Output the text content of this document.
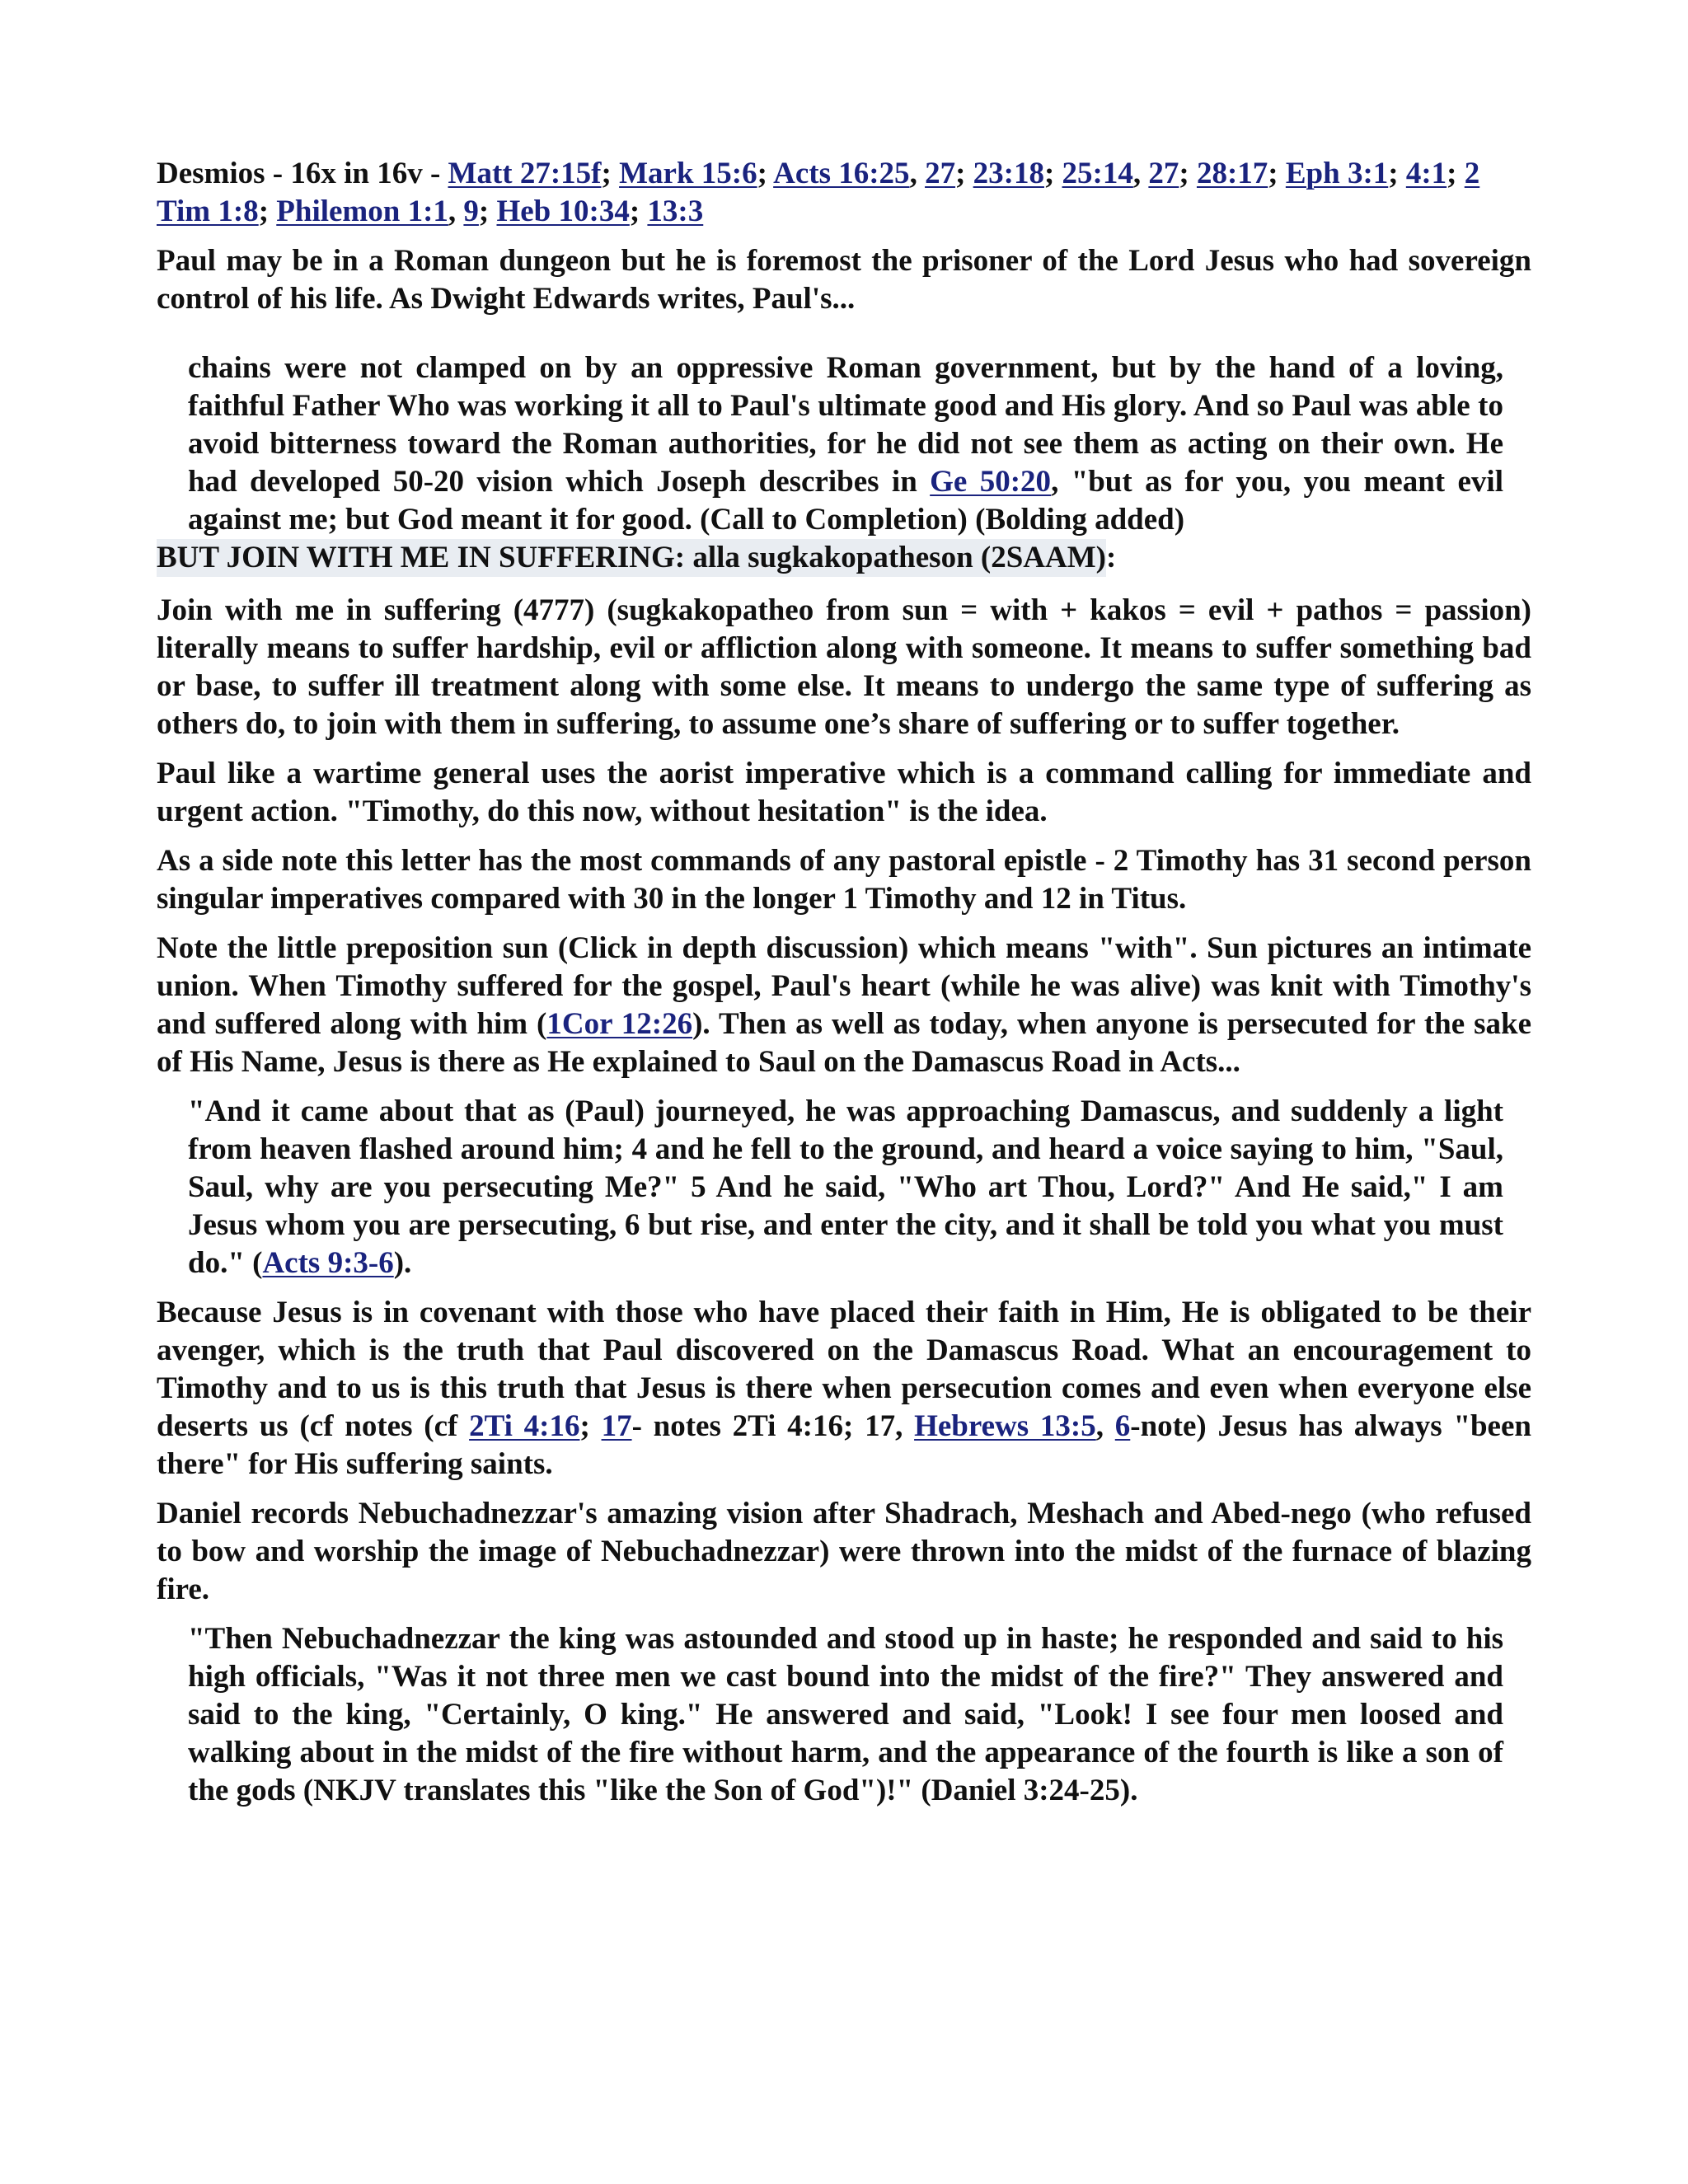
Desmios - 16x in 16v - Matt 27:15f; Mark 15:6; Acts 16:25, 27; 23:18; 25:14, 27; 28:17; Eph 3:1; 4:1; 2 Tim 1:8; Philemon 1:1, 9; Heb 10:34; 13:3

Paul may be in a Roman dungeon but he is foremost the prisoner of the Lord Jesus who had sovereign control of his life. As Dwight Edwards writes, Paul's...

chains were not clamped on by an oppressive Roman government, but by the hand of a loving, faithful Father Who was working it all to Paul's ultimate good and His glory. And so Paul was able to avoid bitterness toward the Roman authorities, for he did not see them as acting on their own. He had developed 50-20 vision which Joseph describes in Ge 50:20, "but as for you, you meant evil against me; but God meant it for good. (Call to Completion) (Bolding added)
BUT JOIN WITH ME IN SUFFERING: alla sugkakopatheson (2SAAM):

Join with me in suffering (4777) (sugkakopatheo from sun = with + kakos = evil + pathos = passion) literally means to suffer hardship, evil or affliction along with someone. It means to suffer something bad or base, to suffer ill treatment along with some else. It means to undergo the same type of suffering as others do, to join with them in suffering, to assume one’s share of suffering or to suffer together.

Paul like a wartime general uses the aorist imperative which is a command calling for immediate and urgent action. "Timothy, do this now, without hesitation" is the idea.

As a side note this letter has the most commands of any pastoral epistle - 2 Timothy has 31 second person singular imperatives compared with 30 in the longer 1 Timothy and 12 in Titus.

Note the little preposition sun (Click in depth discussion) which means "with". Sun pictures an intimate union. When Timothy suffered for the gospel, Paul's heart (while he was alive) was knit with Timothy's and suffered along with him (1Cor 12:26). Then as well as today, when anyone is persecuted for the sake of His Name, Jesus is there as He explained to Saul on the Damascus Road in Acts...

"And it came about that as (Paul) journeyed, he was approaching Damascus, and suddenly a light from heaven flashed around him; 4 and he fell to the ground, and heard a voice saying to him, "Saul, Saul, why are you persecuting Me?" 5 And he said, "Who art Thou, Lord?" And He said," I am Jesus whom you are persecuting, 6 but rise, and enter the city, and it shall be told you what you must do." (Acts 9:3-6).

Because Jesus is in covenant with those who have placed their faith in Him, He is obligated to be their avenger, which is the truth that Paul discovered on the Damascus Road. What an encouragement to Timothy and to us is this truth that Jesus is there when persecution comes and even when everyone else deserts us (cf notes (cf 2Ti 4:16; 17- notes 2Ti 4:16; 17, Hebrews 13:5, 6-note) Jesus has always "been there" for His suffering saints.

Daniel records Nebuchadnezzar's amazing vision after Shadrach, Meshach and Abed-nego (who refused to bow and worship the image of Nebuchadnezzar) were thrown into the midst of the furnace of blazing fire.

"Then Nebuchadnezzar the king was astounded and stood up in haste; he responded and said to his high officials, "Was it not three men we cast bound into the midst of the fire?" They answered and said to the king, "Certainly, O king." He answered and said, "Look! I see four men loosed and walking about in the midst of the fire without harm, and the appearance of the fourth is like a son of the gods (NKJV translates this "like the Son of God")!" (Daniel 3:24-25).
